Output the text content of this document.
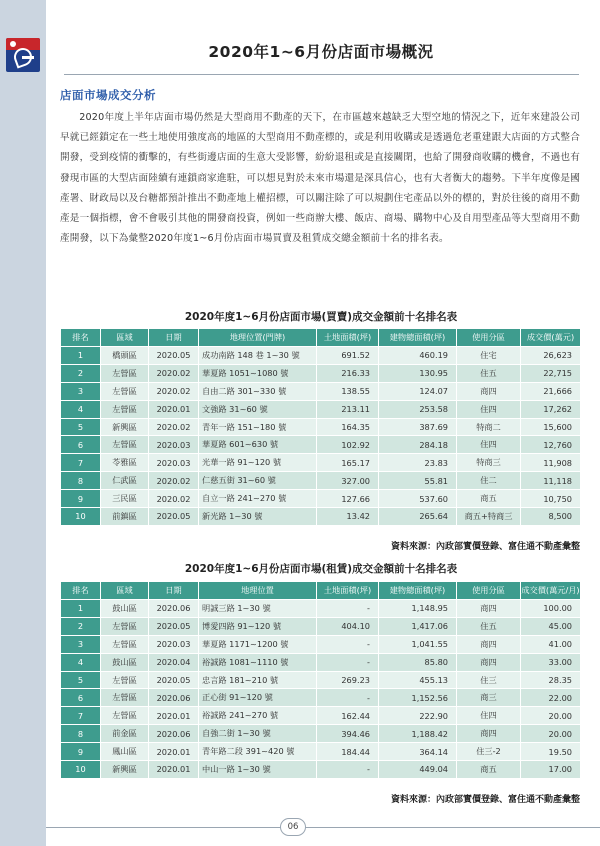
2020年1~6月份店面市場概況
店面市場成交分析

2020年度上半年店面市場仍然是大型商用不動產的天下，在市區越來越缺乏大型空地的情況之下，近年來建設公司早就已經鎖定在一些土地使用強度高的地區的大型商用不動產標的，或是利用收購或是透過危老重建跟大店面的方式整合開發，受到疫情的衝擊的，有些街邊店面的生意大受影響，紛紛退租或是直接關閉，也給了開發商收購的機會，不過也有發現市區的大型店面陸續有連鎖商家進駐，可以想見對於未來市場還是深具信心，也有大者衡大的趨勢。下半年度像是國產署、財政局以及台糖都預計推出不動產地上權招標，可以關注除了可以規劃住宅產品以外的標的，對於往後的商用不動產是一個指標，會不會吸引其他的開發商投資，例如一些商辦大樓、飯店、商場、購物中心及自用型產品等大型商用不動產開發，以下為彙整2020年度1~6月份店面市場買賣及租賃成交總金額前十名的排名表。

2020年度1~6月份店面市場(買賣)成交金額前十名排名表
排名	區域	日期	地理位置(門牌)	土地面積(坪)	建物總面積(坪)	使用分區	成交價(萬元)
1	橋頭區	2020.05	成功南路 148 巷 1~30 號	691.52	460.19	住宅	26,623
2	左營區	2020.02	華夏路 1051~1080 號	216.33	130.95	住五	22,715
3	左營區	2020.02	自由二路 301~330 號	138.55	124.07	商四	21,666
4	左營區	2020.01	文強路 31~60 號	213.11	253.58	住四	17,262
5	新興區	2020.02	青年一路 151~180 號	164.35	387.69	特商二	15,600
6	左營區	2020.03	華夏路 601~630 號	102.92	284.18	住四	12,760
7	苓雅區	2020.03	光華一路 91~120 號	165.17	23.83	特商三	11,908
8	仁武區	2020.02	仁慈五街 31~60 號	327.00	55.81	住二	11,118
9	三民區	2020.02	自立一路 241~270 號	127.66	537.60	商五	10,750
10	前鎮區	2020.05	新光路 1~30 號	13.42	265.64	商五+特商三	8,500
資料來源：內政部實價登錄、富住通不動產彙整
2020年度1~6月份店面市場(租賃)成交金額前十名排名表
排名	區域	日期	地理位置	土地面積(坪)	建物總面積(坪)	使用分區	成交價(萬元/月)
1	鼓山區	2020.06	明誠三路 1~30 號	-	1,148.95	商四	100.00
2	左營區	2020.05	博愛四路 91~120 號	404.10	1,417.06	住五	45.00
3	左營區	2020.03	華夏路 1171~1200 號	-	1,041.55	商四	41.00
4	鼓山區	2020.04	裕誠路 1081~1110 號	-	85.80	商四	33.00
5	左營區	2020.05	忠言路 181~210 號	269.23	455.13	住三	28.35
6	左營區	2020.06	正心街 91~120 號	-	1,152.56	商三	22.00
7	左營區	2020.01	裕誠路 241~270 號	162.44	222.90	住四	20.00
8	前金區	2020.06	自強二街 1~30 號	394.46	1,188.42	商四	20.00
9	鳳山區	2020.01	青年路二段 391~420 號	184.44	364.14	住三-2	19.50
10	新興區	2020.01	中山一路 1~30 號	-	449.04	商五	17.00
資料來源：內政部實價登錄、富住通不動產彙整
06
